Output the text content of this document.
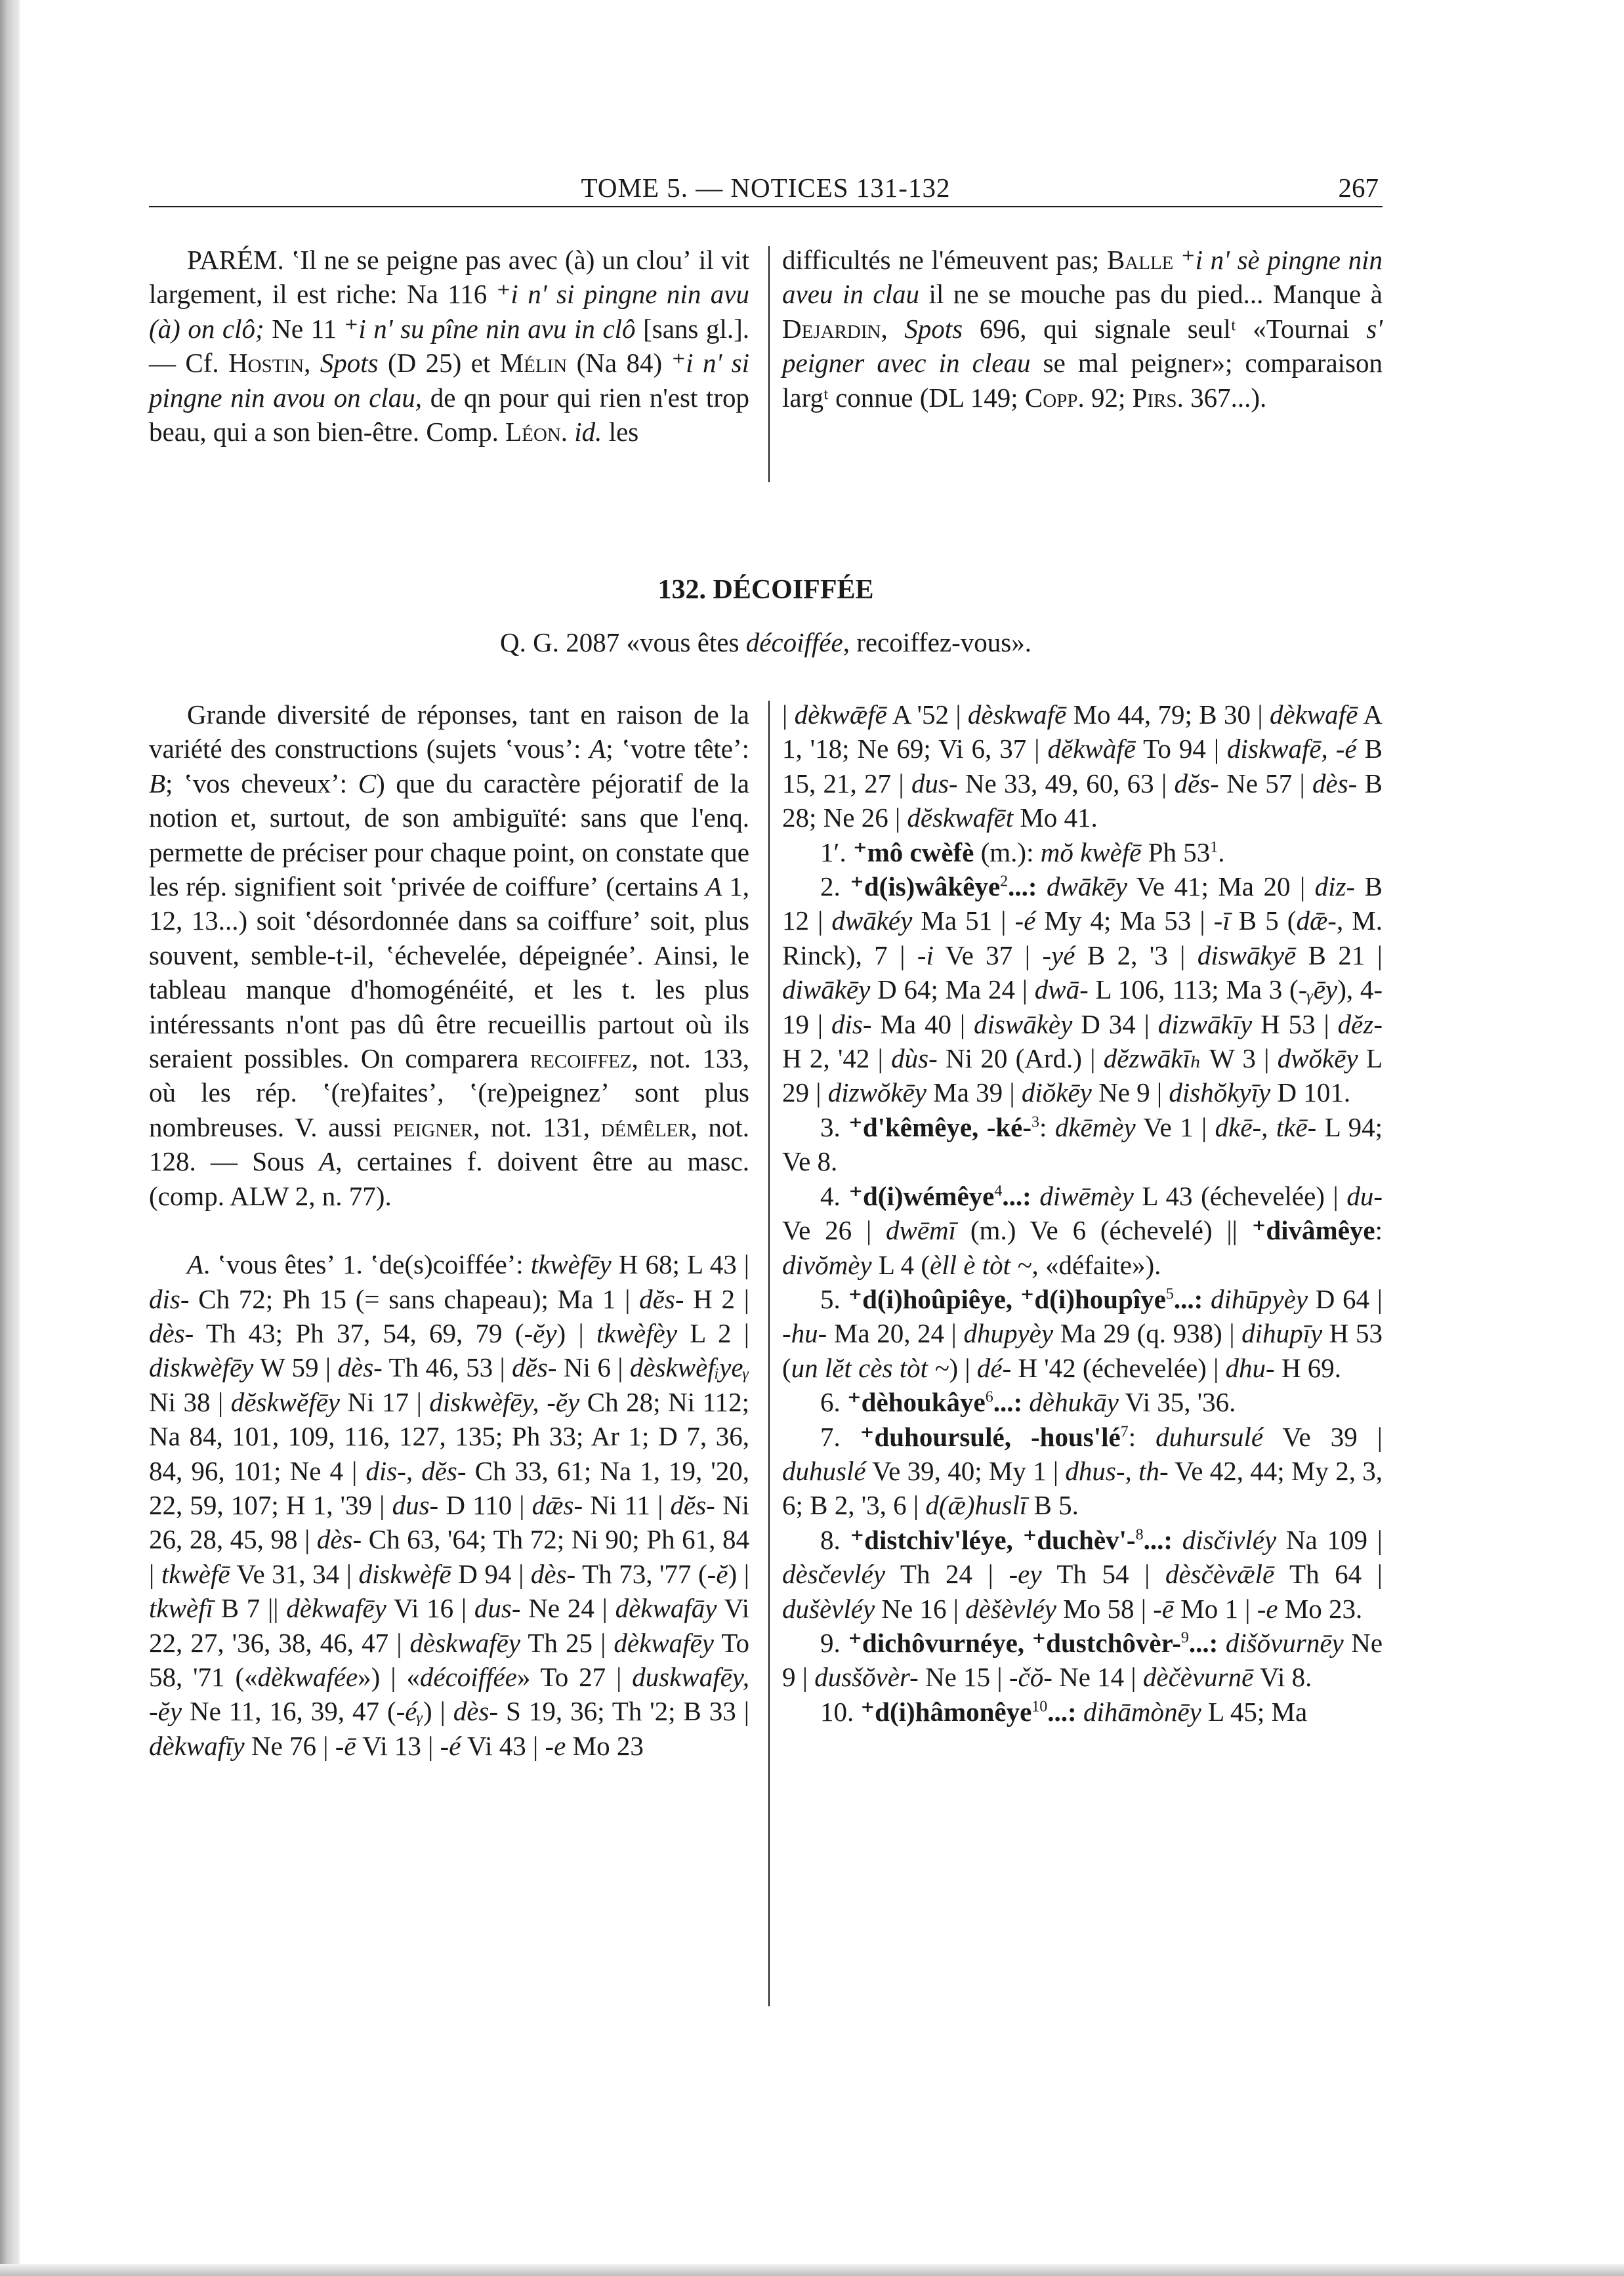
TOME 5. — NOTICES 131-132	267

PARÉM. ʽIl ne se peigne pas avec (à) un clouʼ il vit largement, il est riche: Na 116 ⁺i n' si pingne nin avu (à) on clô; Ne 11 ⁺i n' su pîne nin avu in clô [sans gl.]. — Cf. Hostin, Spots (D 25) et Mélin (Na 84) ⁺i n' si pingne nin avou on clau, de qn pour qui rien n'est trop beau, qui a son bien-être. Comp. Léon. id. les

difficultés ne l'émeuvent pas; Balle ⁺i n' sè pingne nin aveu in clau il ne se mouche pas du pied... Manque à Dejardin, Spots 696, qui signale seulᵗ «Tournai s' peigner avec in cleau se mal peigner»; comparaison largᵗ connue (DL 149; Copp. 92; Pirs. 367...).

132. DÉCOIFFÉE
Q. G. 2087 «vous êtes décoiffée, recoiffez-vous».

Grande diversité de réponses, tant en raison de la variété des constructions (sujets ʽvousʼ: A; ʽvotre têteʼ: B; ʽvos cheveuxʼ: C) que du caractère péjoratif de la notion et, surtout, de son ambiguïté: sans que l'enq. permette de préciser pour chaque point, on constate que les rép. signifient soit ʽprivée de coiffureʼ (certains A 1, 12, 13...) soit ʽdésordonnée dans sa coiffureʼ soit, plus souvent, semble-t-il, ʽéchevelée, dépeignéeʼ. Ainsi, le tableau manque d'homogénéité, et les t. les plus intéressants n'ont pas dû être recueillis partout où ils seraient possibles. On comparera recoiffez, not. 133, où les rép. ʽ(re)faitesʼ, ʽ(re)peignezʼ sont plus nombreuses. V. aussi peigner, not. 131, démêler, not. 128. — Sous A, certaines f. doivent être au masc. (comp. ALW 2, n. 77).

A. ʽvous êtesʼ 1. ʽde(s)coifféeʼ: tkwèfēy H 68; L 43 | dis- Ch 72; Ph 15 (= sans chapeau); Ma 1 | dĕs- H 2 | dès- Th 43; Ph 37, 54, 69, 79 (-ĕy) | tkwèfèy L 2 | diskwèfēy W 59 | dès- Th 46, 53 | dĕs- Ni 6 | dèskwèfᵢyeᵧ Ni 38 | dĕskwĕfēy Ni 17 | diskwèfēy, -ĕy Ch 28; Ni 112; Na 84, 101, 109, 116, 127, 135; Ph 33; Ar 1; D 7, 36, 84, 96, 101; Ne 4 | dis-, dĕs- Ch 33, 61; Na 1, 19, '20, 22, 59, 107; H 1, '39 | dus- D 110 | dǣs- Ni 11 | dĕs- Ni 26, 28, 45, 98 | dès- Ch 63, '64; Th 72; Ni 90; Ph 61, 84 | tkwèfē Ve 31, 34 | diskwèfē D 94 | dès- Th 73, '77 (-ĕ) | tkwèfī B 7 || dèkwafēy Vi 16 | dus- Ne 24 | dèkwafāy Vi 22, 27, '36, 38, 46, 47 | dèskwafēy Th 25 | dèkwafēy To 58, '71 («dèkwafée») | «décoiffée» To 27 | duskwafēy, -ĕy Ne 11, 16, 39, 47 (-éᵧ) | dès- S 19, 36; Th '2; B 33 | dèkwafīy Ne 76 | -ē Vi 13 | -é Vi 43 | -e Mo 23

| dèkwǣfē A '52 | dèskwafē Mo 44, 79; B 30 | dèkwafē A 1, '18; Ne 69; Vi 6, 37 | dĕkwàfē To 94 | diskwafē, -é B 15, 21, 27 | dus- Ne 33, 49, 60, 63 | dĕs- Ne 57 | dès- B 28; Ne 26 | dĕskwafēt Mo 41.

1′. ⁺mô cwèfè (m.): mŏ kwèfē Ph $53^1$.

2. ⁺d(is)wâkêye$^2$...: dwākēy Ve 41; Ma 20 | diz- B 12 | dwākéy Ma 51 | -é My 4; Ma 53 | -ī B 5 (dǣ-, M. Rinck), 7 | -i Ve 37 | -yé B 2, '3 | diswākyē B 21 | diwākēy D 64; Ma 24 | dwā- L 106, 113; Ma 3 (-ᵧēy), 4-19 | dis- Ma 40 | diswākèy D 34 | dizwākīy H 53 | dĕz- H 2, '42 | dùs- Ni 20 (Ard.) | dĕzwākīₕ W 3 | dwŏkēy L 29 | dizwŏkēy Ma 39 | diŏkēy Ne 9 | dishŏkyīy D 101.

3. ⁺d'kêmêye, -ké-$^3$: dkēmèy Ve 1 | dkē-, tkē- L 94; Ve 8.

4. ⁺d(i)wémêye$^4$...: diwēmèy L 43 (échevelée) | du- Ve 26 | dwēmī (m.) Ve 6 (échevelé) || ⁺divâmêye: divŏmèy L 4 (èll è tòt ~, «défaite»).

5. ⁺d(i)hoûpiêye, ⁺d(i)houpîye$^5$...: dihūpyèy D 64 | -hu- Ma 20, 24 | dhupyèy Ma 29 (q. 938) | dihupīy H 53 (un lĕt cès tòt ~) | dé- H '42 (échevelée) | dhu- H 69.

6. ⁺dèhoukâye$^6$...: dèhukāy Vi 35, '36.

7. ⁺duhoursulé, $-hous'lé^7$: duhursulé Ve 39 | duhuslé Ve 39, 40; My 1 | dhus-, th- Ve 42, 44; My 2, 3, 6; B 2, '3, 6 | d(ǣ)huslī B 5.

8. ⁺distchiv'léye, ⁺duchèv'-$^8$...: disčivléy Na 109 | dèsčevléy Th 24 | -ey Th 54 | dèsčèvǣlē Th 64 | dušèvléy Ne 16 | dèšèvléy Mo 58 | -ē Mo 1 | -e Mo 23.

9. ⁺dichôvurnéye, ⁺dustchôvèr-$^9$...: dišŏvurnēy Ne 9 | dusšŏvèr- Ne 15 | -čŏ- Ne 14 | dèčèvurnē Vi 8.

10. ⁺d(i)hâmonêye$^{10}$...: dihāmònēy L 45; Ma
